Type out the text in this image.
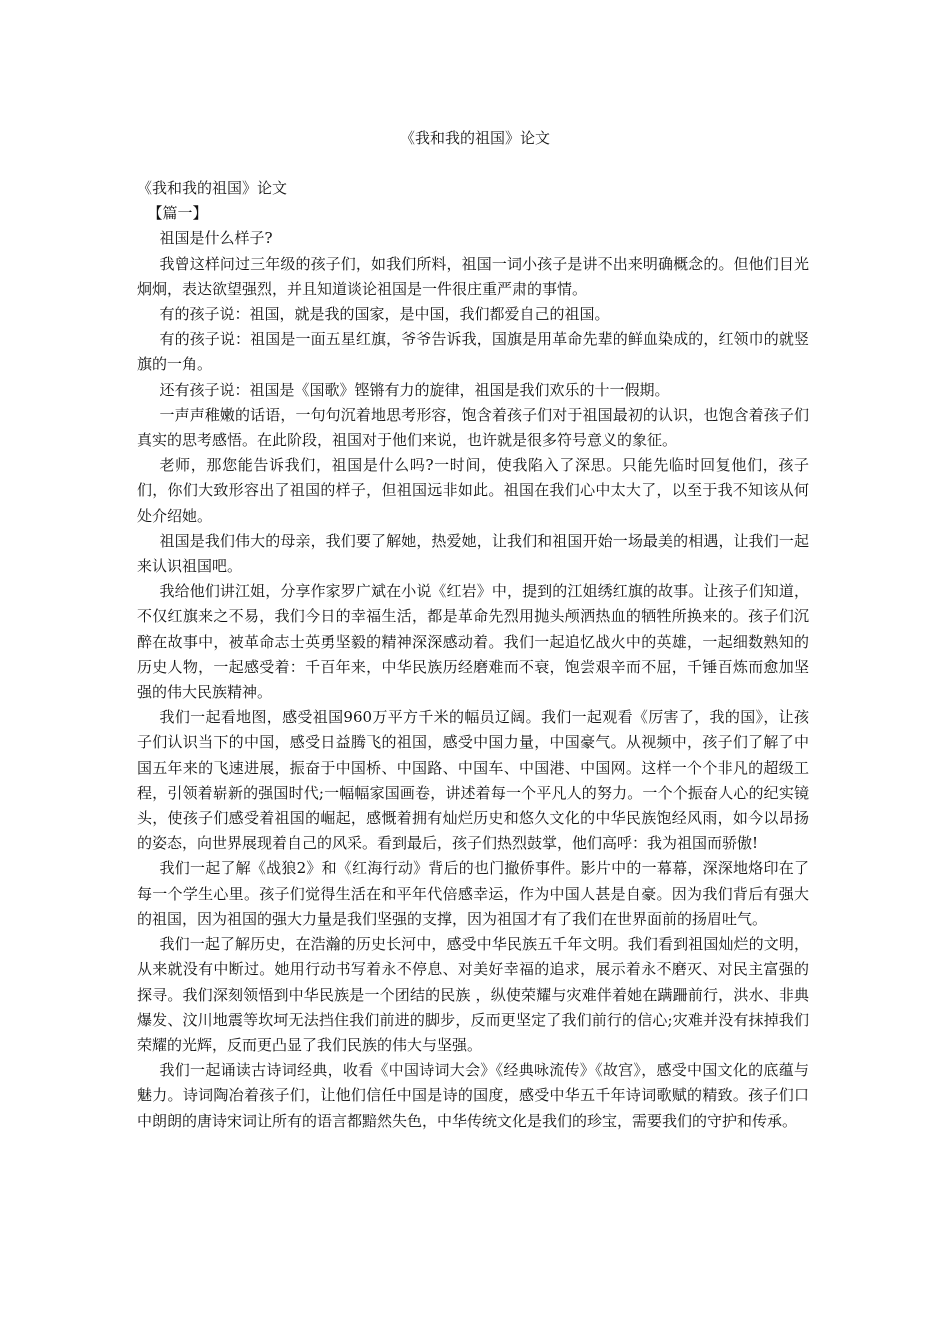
《我和我的祖国》论文

《我和我的祖国》论文

【篇一】

祖国是什么样子?

我曾这样问过三年级的孩子们，如我们所料，祖国一词小孩子是讲不出来明确概念的。但他们目光炯炯，表达欲望强烈，并且知道谈论祖国是一件很庄重严肃的事情。

有的孩子说：祖国，就是我的国家，是中国，我们都爱自己的祖国。

有的孩子说：祖国是一面五星红旗，爷爷告诉我，国旗是用革命先辈的鲜血染成的，红领巾的就竖旗的一角。

还有孩子说：祖国是《国歌》铿锵有力的旋律，祖国是我们欢乐的十一假期。

一声声稚嫩的话语，一句句沉着地思考形容，饱含着孩子们对于祖国最初的认识，也饱含着孩子们真实的思考感悟。在此阶段，祖国对于他们来说，也许就是很多符号意义的象征。

老师，那您能告诉我们，祖国是什么吗?一时间，使我陷入了深思。只能先临时回复他们，孩子们，你们大致形容出了祖国的样子，但祖国远非如此。祖国在我们心中太大了，以至于我不知该从何处介绍她。

祖国是我们伟大的母亲，我们要了解她，热爱她，让我们和祖国开始一场最美的相遇，让我们一起来认识祖国吧。

我给他们讲江姐，分享作家罗广斌在小说《红岩》中，提到的江姐绣红旗的故事。让孩子们知道，不仅红旗来之不易，我们今日的幸福生活，都是革命先烈用抛头颅洒热血的牺牲所换来的。孩子们沉醉在故事中，被革命志士英勇坚毅的精神深深感动着。我们一起追忆战火中的英雄，一起细数熟知的历史人物，一起感受着：千百年来，中华民族历经磨难而不衰，饱尝艰辛而不屈，千锤百炼而愈加坚强的伟大民族精神。

我们一起看地图，感受祖国960万平方千米的幅员辽阔。我们一起观看《厉害了，我的国》，让孩子们认识当下的中国，感受日益腾飞的祖国，感受中国力量，中国豪气。从视频中，孩子们了解了中国五年来的飞速进展，振奋于中国桥、中国路、中国车、中国港、中国网。这样一个个非凡的超级工程，引领着崭新的强国时代;一幅幅家国画卷，讲述着每一个平凡人的努力。一个个振奋人心的纪实镜头，使孩子们感受着祖国的崛起，感慨着拥有灿烂历史和悠久文化的中华民族饱经风雨，如今以昂扬的姿态，向世界展现着自己的风采。看到最后，孩子们热烈鼓掌，他们高呼：我为祖国而骄傲!

我们一起了解《战狼2》和《红海行动》背后的也门撤侨事件。影片中的一幕幕，深深地烙印在了每一个学生心里。孩子们觉得生活在和平年代倍感幸运，作为中国人甚是自豪。因为我们背后有强大的祖国，因为祖国的强大力量是我们坚强的支撑，因为祖国才有了我们在世界面前的扬眉吐气。

我们一起了解历史，在浩瀚的历史长河中，感受中华民族五千年文明。我们看到祖国灿烂的文明，从来就没有中断过。她用行动书写着永不停息、对美好幸福的追求，展示着永不磨灭、对民主富强的探寻。我们深刻领悟到中华民族是一个团结的民族 ，纵使荣耀与灾难伴着她在蹒跚前行，洪水、非典爆发、汶川地震等坎坷无法挡住我们前进的脚步，反而更坚定了我们前行的信心;灾难并没有抹掉我们荣耀的光辉，反而更凸显了我们民族的伟大与坚强。

我们一起诵读古诗词经典，收看《中国诗词大会》《经典咏流传》《故宫》，感受中国文化的底蕴与魅力。诗词陶冶着孩子们，让他们信任中国是诗的国度，感受中华五千年诗词歌赋的精致。孩子们口中朗朗的唐诗宋词让所有的语言都黯然失色，中华传统文化是我们的珍宝，需要我们的守护和传承。
